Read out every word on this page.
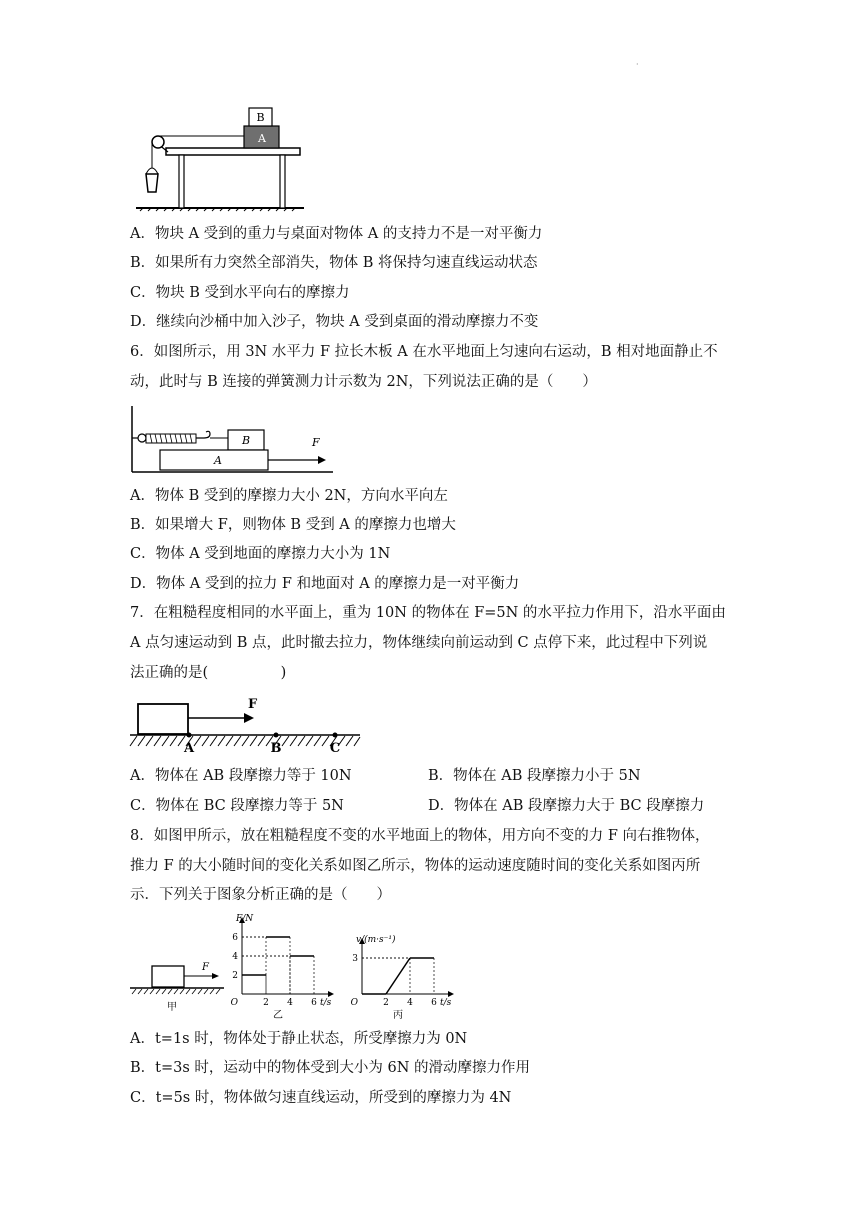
·
A
B
A．物块 A 受到的重力与桌面对物体 A 的支持力不是一对平衡力
B．如果所有力突然全部消失，物体 B 将保持匀速直线运动状态
C．物块 B 受到水平向右的摩擦力
D．继续向沙桶中加入沙子，物块 A 受到桌面的滑动摩擦力不变
6．如图所示，用 3N 水平力 F 拉长木板 A 在水平地面上匀速向右运动，B 相对地面静止不
动，此时与 B 连接的弹簧测力计示数为 2N，下列说法正确的是（　　）
B
A
F
A．物体 B 受到的摩擦力大小 2N，方向水平向左
B．如果增大 F，则物体 B 受到 A 的摩擦力也增大
C．物体 A 受到地面的摩擦力大小为 1N
D．物体 A 受到的拉力 F 和地面对 A 的摩擦力是一对平衡力
7．在粗糙程度相同的水平面上，重为 10N 的物体在 F=5N 的水平拉力作用下，沿水平面由
A 点匀速运动到 B 点，此时撤去拉力，物体继续向前运动到 C 点停下来，此过程中下列说
法正确的是(　　　　　)
F
A	B	C
A．物体在 AB 段摩擦力等于 10N	B．物体在 AB 段摩擦力小于 5N
C．物体在 BC 段摩擦力等于 5N	D．物体在 AB 段摩擦力大于 BC 段摩擦力
8．如图甲所示，放在粗糙程度不变的水平地面上的物体，用方向不变的力 F 向右推物体，
推力 F 的大小随时间的变化关系如图乙所示，物体的运动速度随时间的变化关系如图丙所
示．下列关于图象分析正确的是（　　）
F
甲	2 4 6
2
4
6
O	t/s
F/N
乙
2 4 6
3
O	t/s
v/(m·s⁻¹)
丙
A．t=1s 时，物体处于静止状态，所受摩擦力为 0N
B．t=3s 时，运动中的物体受到大小为 6N 的滑动摩擦力作用
C．t=5s 时，物体做匀速直线运动，所受到的摩擦力为 4N
